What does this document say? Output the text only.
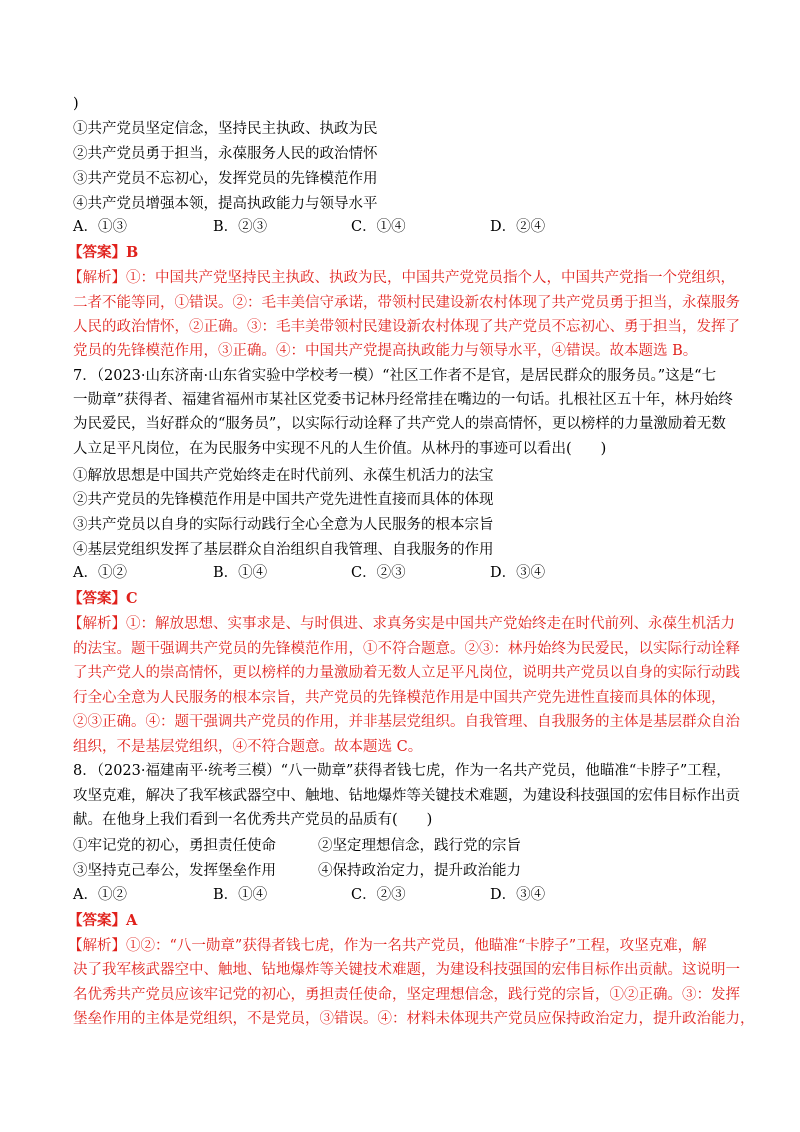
)
①共产党员坚定信念，坚持民主执政、执政为民
②共产党员勇于担当，永葆服务人民的政治情怀
③共产党员不忘初心，发挥党员的先锋模范作用
④共产党员增强本领，提高执政能力与领导水平
A．①③	B．②③	C．①④	D．②④
【答案】B
【解析】①：中国共产党坚持民主执政、执政为民，中国共产党党员指个人，中国共产党指一个党组织，
二者不能等同，①错误。②：毛丰美信守承诺，带领村民建设新农村体现了共产党员勇于担当，永葆服务
人民的政治情怀，②正确。③：毛丰美带领村民建设新农村体现了共产党员不忘初心、勇于担当，发挥了
党员的先锋模范作用，③正确。④：中国共产党提高执政能力与领导水平，④错误。故本题选 B。
7．（2023·山东济南·山东省实验中学校考一模）“社区工作者不是官，是居民群众的服务员。”这是“七
一勋章”获得者、福建省福州市某社区党委书记林丹经常挂在嘴边的一句话。扎根社区五十年，林丹始终
为民爱民，当好群众的“服务员”，以实际行动诠释了共产党人的崇高情怀，更以榜样的力量激励着无数
人立足平凡岗位，在为民服务中实现不凡的人生价值。从林丹的事迹可以看出(　　)
①解放思想是中国共产党始终走在时代前列、永葆生机活力的法宝
②共产党员的先锋模范作用是中国共产党先进性直接而具体的体现
③共产党员以自身的实际行动践行全心全意为人民服务的根本宗旨
④基层党组织发挥了基层群众自治组织自我管理、自我服务的作用
A．①②	B．①④	C．②③	D．③④
【答案】C
【解析】①：解放思想、实事求是、与时俱进、求真务实是中国共产党始终走在时代前列、永葆生机活力
的法宝。题干强调共产党员的先锋模范作用，①不符合题意。②③：林丹始终为民爱民，以实际行动诠释
了共产党人的崇高情怀，更以榜样的力量激励着无数人立足平凡岗位，说明共产党员以自身的实际行动践
行全心全意为人民服务的根本宗旨，共产党员的先锋模范作用是中国共产党先进性直接而具体的体现，
②③正确。④：题干强调共产党员的作用，并非基层党组织。自我管理、自我服务的主体是基层群众自治
组织，不是基层党组织，④不符合题意。故本题选 C。
8．（2023·福建南平·统考三模）“八一勋章”获得者钱七虎，作为一名共产党员，他瞄准“卡脖子”工程，
攻坚克难，解决了我军核武器空中、触地、钻地爆炸等关键技术难题，为建设科技强国的宏伟目标作出贡
献。在他身上我们看到一名优秀共产党员的品质有(　　)
①牢记党的初心，勇担责任使命	②坚定理想信念，践行党的宗旨
③坚持克己奉公，发挥堡垒作用	④保持政治定力，提升政治能力
A．①②	B．①④	C．②③	D．③④
【答案】A
【解析】①②：“八一勋章”获得者钱七虎，作为一名共产党员，他瞄准“卡脖子”工程，攻坚克难，解
决了我军核武器空中、触地、钻地爆炸等关键技术难题，为建设科技强国的宏伟目标作出贡献。这说明一
名优秀共产党员应该牢记党的初心，勇担责任使命，坚定理想信念，践行党的宗旨，①②正确。③：发挥
堡垒作用的主体是党组织，不是党员，③错误。④：材料未体现共产党员应保持政治定力，提升政治能力，
